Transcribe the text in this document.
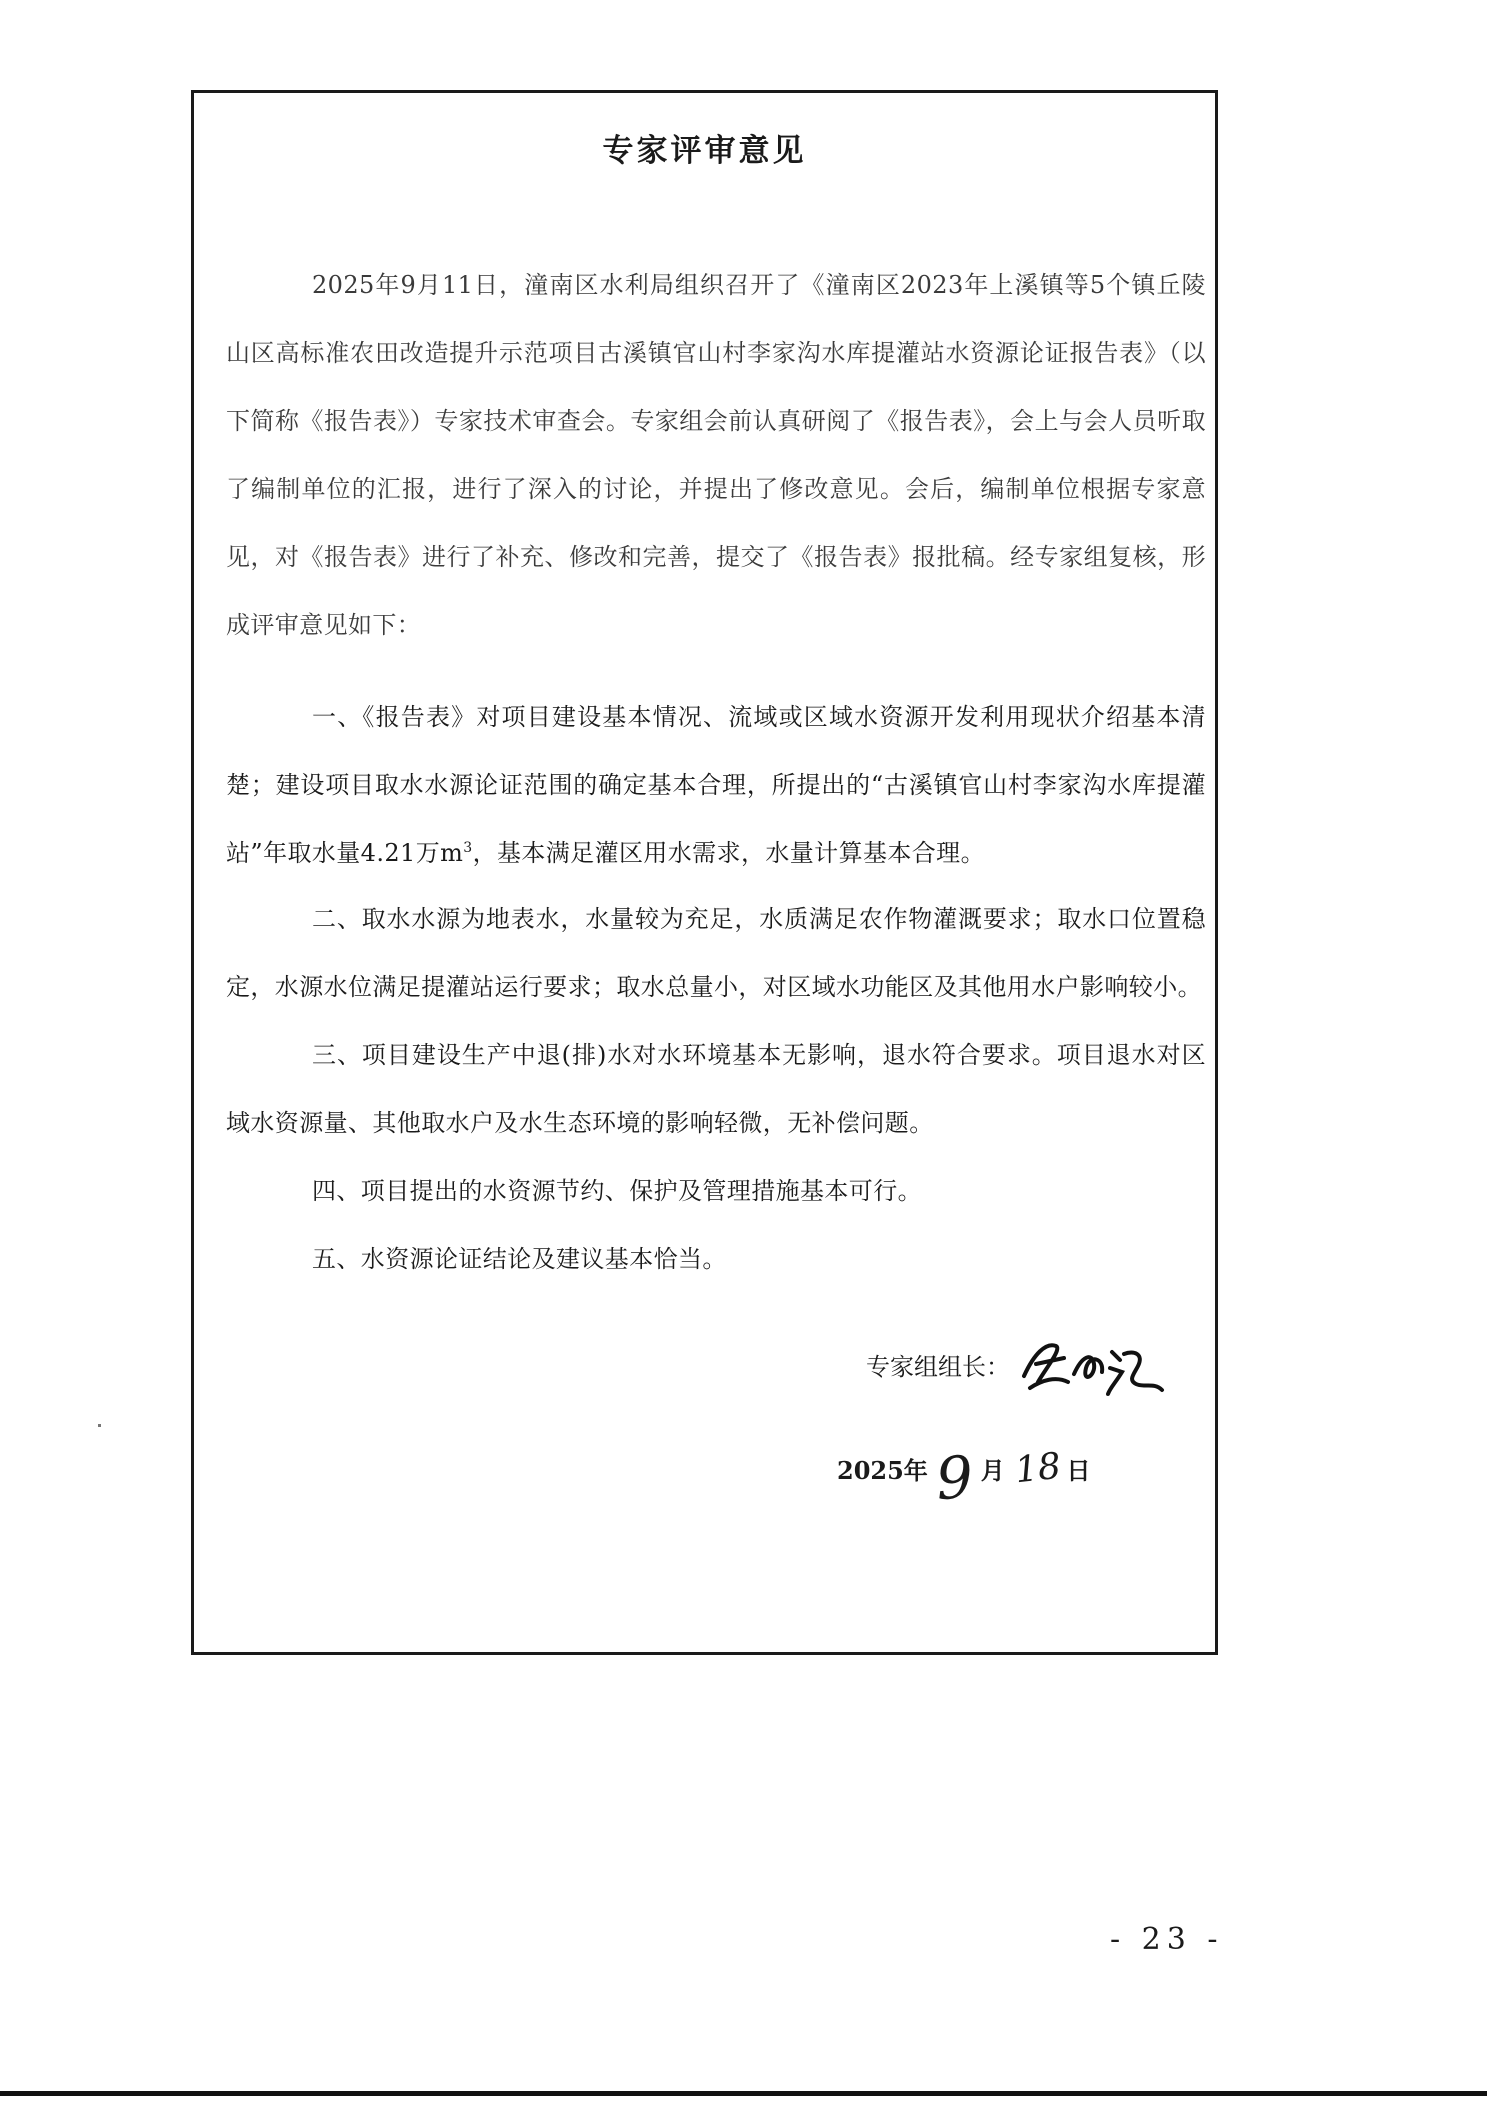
专家评审意见

2025年9月11日，潼南区水利局组织召开了《潼南区2023年上溪镇等5个镇丘陵山区高标准农田改造提升示范项目古溪镇官山村李家沟水库提灌站水资源论证报告表》（以下简称《报告表》）专家技术审查会。专家组会前认真研阅了《报告表》，会上与会人员听取了编制单位的汇报，进行了深入的讨论，并提出了修改意见。会后，编制单位根据专家意见，对《报告表》进行了补充、修改和完善，提交了《报告表》报批稿。经专家组复核，形成评审意见如下：

一、《报告表》对项目建设基本情况、流域或区域水资源开发利用现状介绍基本清楚；建设项目取水水源论证范围的确定基本合理，所提出的“古溪镇官山村李家沟水库提灌站”年取水量4.21万$m^3$，基本满足灌区用水需求，水量计算基本合理。

二、取水水源为地表水，水量较为充足，水质满足农作物灌溉要求；取水口位置稳定，水源水位满足提灌站运行要求；取水总量小，对区域水功能区及其他用水户影响较小。

三、项目建设生产中退(排)水对水环境基本无影响，退水符合要求。项目退水对区域水资源量、其他取水户及水生态环境的影响轻微，无补偿问题。

四、项目提出的水资源节约、保护及管理措施基本可行。

五、水资源论证结论及建议基本恰当。

专家组组长：
2025年 9 月 18 日
- 23 -
